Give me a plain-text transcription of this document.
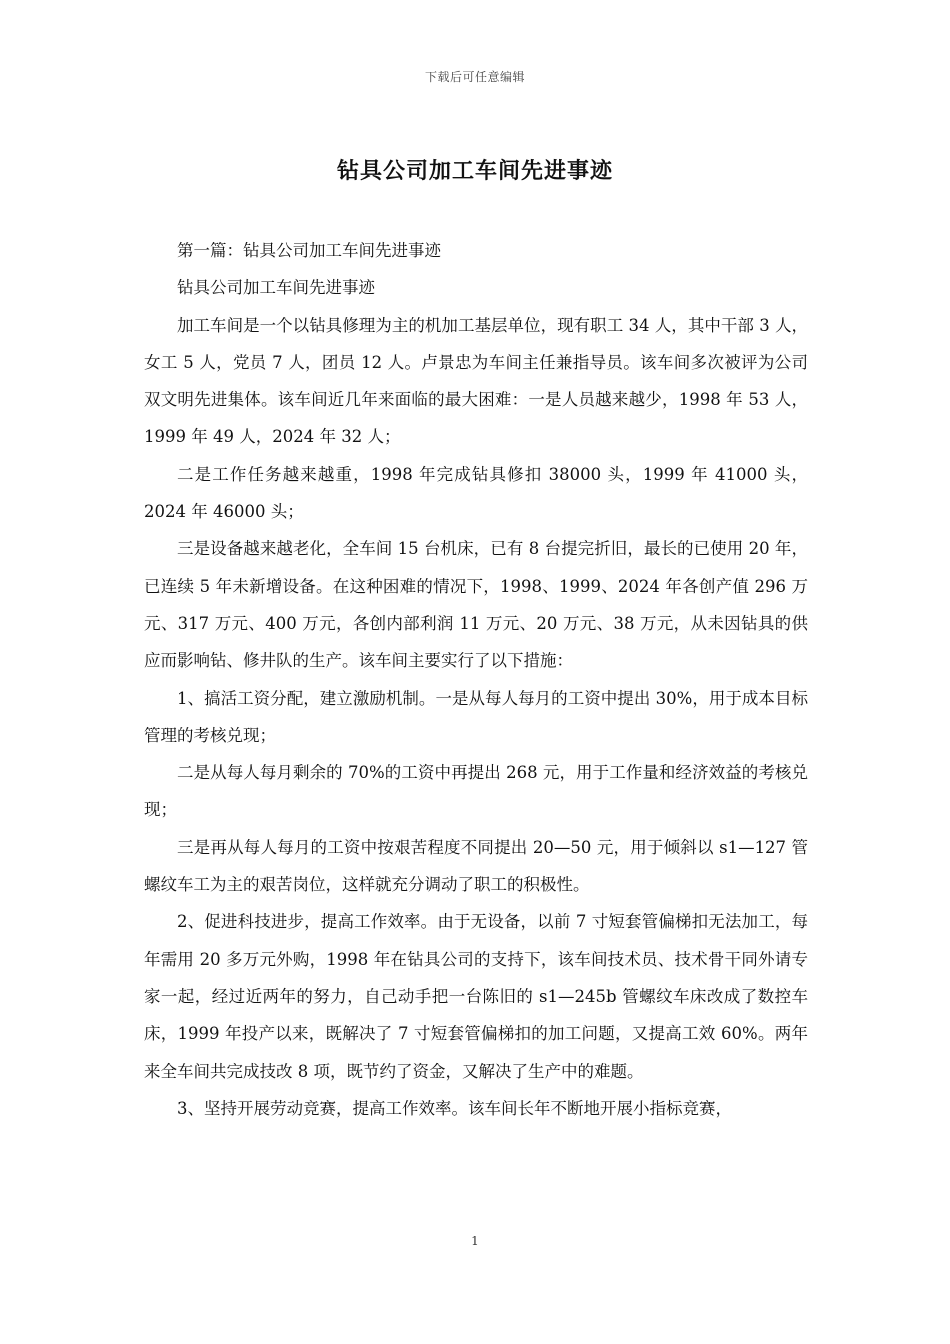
下载后可任意编辑
钻具公司加工车间先进事迹

第一篇：钻具公司加工车间先进事迹

钻具公司加工车间先进事迹

加工车间是一个以钻具修理为主的机加工基层单位，现有职工 34 人，其中干部 3 人，女工 5 人，党员 7 人，团员 12 人。卢景忠为车间主任兼指导员。该车间多次被评为公司双文明先进集体。该车间近几年来面临的最大困难：一是人员越来越少，1998 年 53 人，1999 年 49 人，2024 年 32 人；

二是工作任务越来越重，1998 年完成钻具修扣 38000 头，1999 年 41000 头，2024 年 46000 头；

三是设备越来越老化，全车间 15 台机床，已有 8 台提完折旧，最长的已使用 20 年，已连续 5 年未新增设备。在这种困难的情况下，1998、1999、2024 年各创产值 296 万元、317 万元、400 万元，各创内部利润 11 万元、20 万元、38 万元，从未因钻具的供应而影响钻、修井队的生产。该车间主要实行了以下措施：

1、搞活工资分配，建立激励机制。一是从每人每月的工资中提出 30%，用于成本目标管理的考核兑现；

二是从每人每月剩余的 70%的工资中再提出 268 元，用于工作量和经济效益的考核兑现；

三是再从每人每月的工资中按艰苦程度不同提出 20—50 元，用于倾斜以 s1—127 管螺纹车工为主的艰苦岗位，这样就充分调动了职工的积极性。

2、促进科技进步，提高工作效率。由于无设备，以前 7 寸短套管偏梯扣无法加工，每年需用 20 多万元外购，1998 年在钻具公司的支持下，该车间技术员、技术骨干同外请专家一起，经过近两年的努力，自己动手把一台陈旧的 s1—245b 管螺纹车床改成了数控车床，1999 年投产以来，既解决了 7 寸短套管偏梯扣的加工问题，又提高工效 60%。两年来全车间共完成技改 8 项，既节约了资金，又解决了生产中的难题。

3、坚持开展劳动竞赛，提高工作效率。该车间长年不断地开展小指标竞赛，

1
